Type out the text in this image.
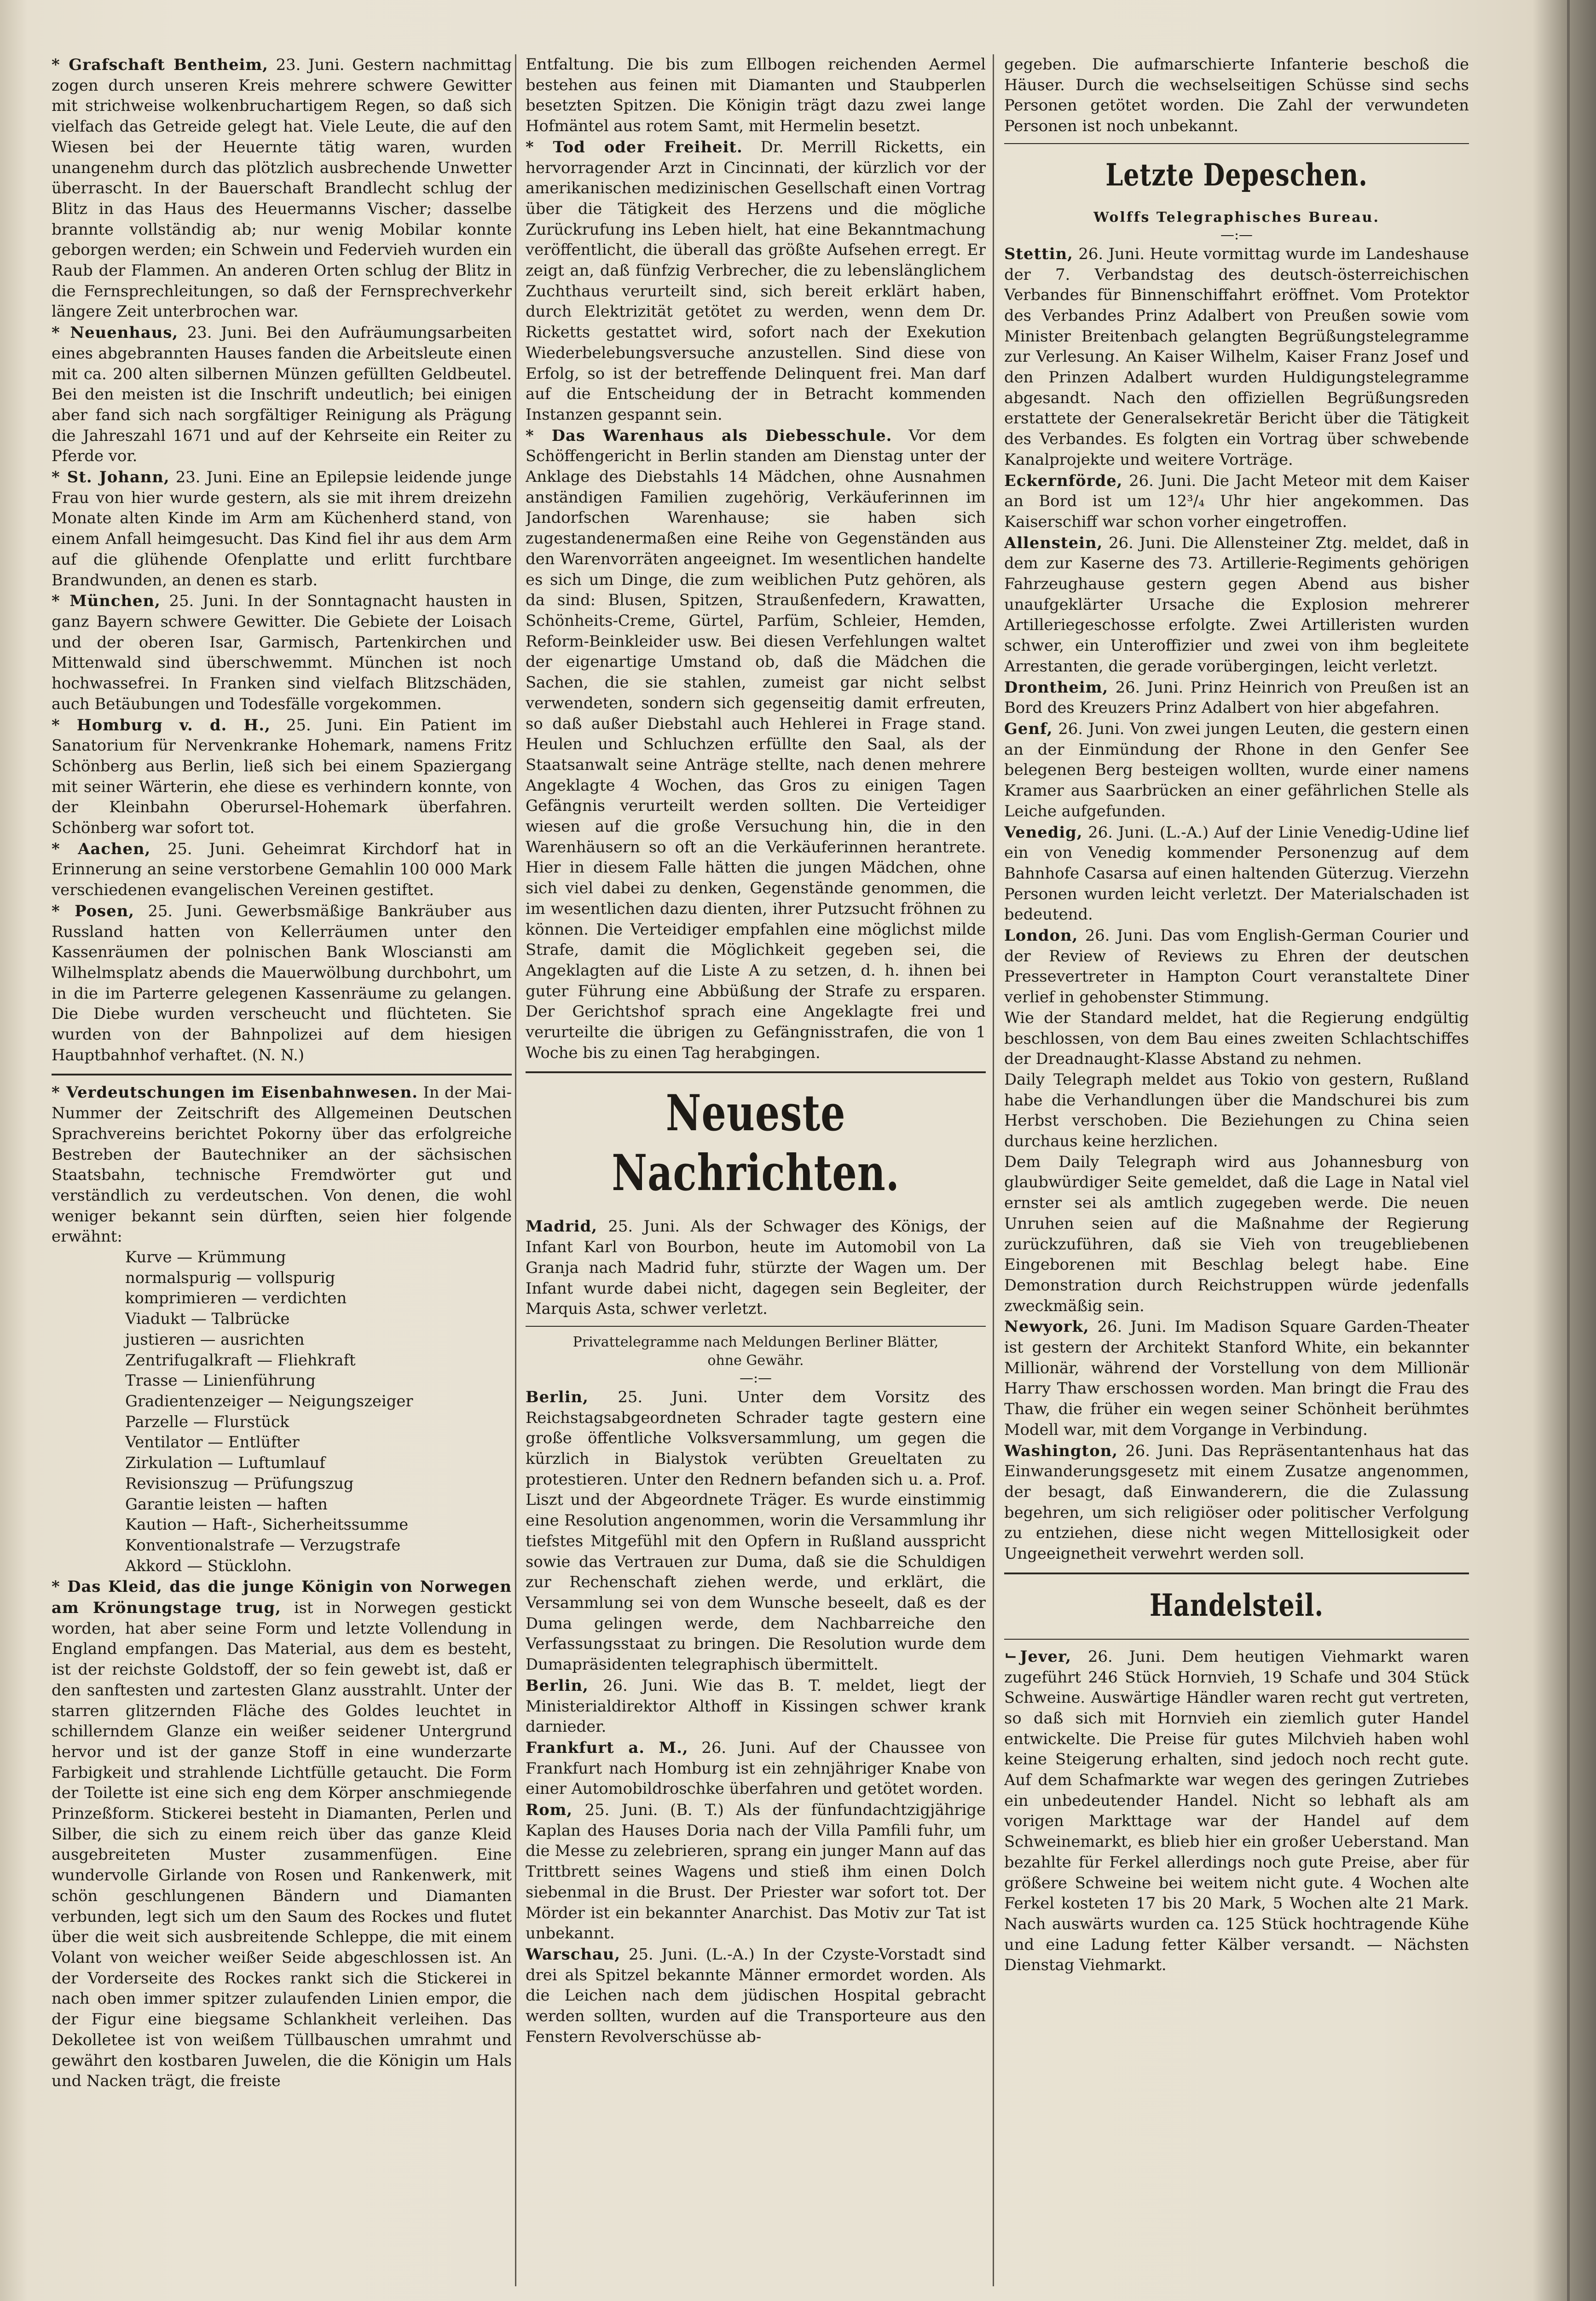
* Grafschaft Bentheim, 23. Juni. Gestern nachmittag zogen durch unseren Kreis mehrere schwere Gewitter mit strichweise wolkenbruchartigem Regen, so daß sich vielfach das Getreide gelegt hat. Viele Leute, die auf den Wiesen bei der Heuernte tätig waren, wurden unangenehm durch das plötzlich ausbrechende Unwetter überrascht. In der Bauerschaft Brandlecht schlug der Blitz in das Haus des Heuermanns Vischer; dasselbe brannte vollständig ab; nur wenig Mobilar konnte geborgen werden; ein Schwein und Federvieh wurden ein Raub der Flammen. An anderen Orten schlug der Blitz in die Fernsprechleitungen, so daß der Fernsprechverkehr längere Zeit unterbrochen war.

* Neuenhaus, 23. Juni. Bei den Aufräumungsarbeiten eines abgebrannten Hauses fanden die Arbeitsleute einen mit ca. 200 alten silbernen Münzen gefüllten Geldbeutel. Bei den meisten ist die Inschrift undeutlich; bei einigen aber fand sich nach sorgfältiger Reinigung als Prägung die Jahreszahl 1671 und auf der Kehrseite ein Reiter zu Pferde vor.

* St. Johann, 23. Juni. Eine an Epilepsie leidende junge Frau von hier wurde gestern, als sie mit ihrem dreizehn Monate alten Kinde im Arm am Küchenherd stand, von einem Anfall heimgesucht. Das Kind fiel ihr aus dem Arm auf die glühende Ofenplatte und erlitt furchtbare Brandwunden, an denen es starb.

* München, 25. Juni. In der Sonntagnacht hausten in ganz Bayern schwere Gewitter. Die Gebiete der Loisach und der oberen Isar, Garmisch, Partenkirchen und Mittenwald sind überschwemmt. München ist noch hochwassefrei. In Franken sind vielfach Blitzschäden, auch Betäubungen und Todesfälle vorgekommen.

* Homburg v. d. H., 25. Juni. Ein Patient im Sanatorium für Nervenkranke Hohemark, namens Fritz Schönberg aus Berlin, ließ sich bei einem Spaziergang mit seiner Wärterin, ehe diese es verhindern konnte, von der Kleinbahn Oberursel-Hohemark überfahren. Schönberg war sofort tot.

* Aachen, 25. Juni. Geheimrat Kirchdorf hat in Erinnerung an seine verstorbene Gemahlin 100 000 Mark verschiedenen evangelischen Vereinen gestiftet.

* Posen, 25. Juni. Gewerbsmäßige Bankräuber aus Russland hatten von Kellerräumen unter den Kassenräumen der polnischen Bank Wlosciansti am Wilhelmsplatz abends die Mauerwölbung durchbohrt, um in die im Parterre gelegenen Kassenräume zu gelangen. Die Diebe wurden verscheucht und flüchteten. Sie wurden von der Bahnpolizei auf dem hiesigen Hauptbahnhof verhaftet. (N. N.)

* Verdeutschungen im Eisenbahnwesen. In der Mai-Nummer der Zeitschrift des Allgemeinen Deutschen Sprachvereins berichtet Pokorny über das erfolgreiche Bestreben der Bautechniker an der sächsischen Staatsbahn, technische Fremdwörter gut und verständlich zu verdeutschen. Von denen, die wohl weniger bekannt sein dürften, seien hier folgende erwähnt:

Kurve — Krümmung
normalspurig — vollspurig
komprimieren — verdichten
Viadukt — Talbrücke
justieren — ausrichten
Zentrifugalkraft — Fliehkraft
Trasse — Linienführung
Gradientenzeiger — Neigungszeiger
Parzelle — Flurstück
Ventilator — Entlüfter
Zirkulation — Luftumlauf
Revisionszug — Prüfungszug
Garantie leisten — haften
Kaution — Haft-, Sicherheitssumme
Konventionalstrafe — Verzugstrafe
Akkord — Stücklohn.

* Das Kleid, das die junge Königin von Norwegen am Krönungstage trug, ist in Norwegen gestickt worden, hat aber seine Form und letzte Vollendung in England empfangen. Das Material, aus dem es besteht, ist der reichste Goldstoff, der so fein gewebt ist, daß er den sanftesten und zartesten Glanz ausstrahlt. Unter der starren glitzernden Fläche des Goldes leuchtet in schillerndem Glanze ein weißer seidener Untergrund hervor und ist der ganze Stoff in eine wunderzarte Farbigkeit und strahlende Lichtfülle getaucht. Die Form der Toilette ist eine sich eng dem Körper anschmiegende Prinzeßform. Stickerei besteht in Diamanten, Perlen und Silber, die sich zu einem reich über das ganze Kleid ausgebreiteten Muster zusammenfügen. Eine wundervolle Girlande von Rosen und Rankenwerk, mit schön geschlungenen Bändern und Diamanten verbunden, legt sich um den Saum des Rockes und flutet über die weit sich ausbreitende Schleppe, die mit einem Volant von weicher weißer Seide abgeschlossen ist. An der Vorderseite des Rockes rankt sich die Stickerei in nach oben immer spitzer zulaufenden Linien empor, die der Figur eine biegsame Schlankheit verleihen. Das Dekolletee ist von weißem Tüllbauschen umrahmt und gewährt den kostbaren Juwelen, die die Königin um Hals und Nacken trägt, die freiste

Entfaltung. Die bis zum Ellbogen reichenden Aermel bestehen aus feinen mit Diamanten und Staubperlen besetzten Spitzen. Die Königin trägt dazu zwei lange Hofmäntel aus rotem Samt, mit Hermelin besetzt.

* Tod oder Freiheit. Dr. Merrill Ricketts, ein hervorragender Arzt in Cincinnati, der kürzlich vor der amerikanischen medizinischen Gesellschaft einen Vortrag über die Tätigkeit des Herzens und die mögliche Zurückrufung ins Leben hielt, hat eine Bekanntmachung veröffentlicht, die überall das größte Aufsehen erregt. Er zeigt an, daß fünfzig Verbrecher, die zu lebenslänglichem Zuchthaus verurteilt sind, sich bereit erklärt haben, durch Elektrizität getötet zu werden, wenn dem Dr. Ricketts gestattet wird, sofort nach der Exekution Wiederbelebungsversuche anzustellen. Sind diese von Erfolg, so ist der betreffende Delinquent frei. Man darf auf die Entscheidung der in Betracht kommenden Instanzen gespannt sein.

* Das Warenhaus als Diebesschule. Vor dem Schöffengericht in Berlin standen am Dienstag unter der Anklage des Diebstahls 14 Mädchen, ohne Ausnahmen anständigen Familien zugehörig, Verkäuferinnen im Jandorfschen Warenhause; sie haben sich zugestandenermaßen eine Reihe von Gegenständen aus den Warenvorräten angeeignet. Im wesentlichen handelte es sich um Dinge, die zum weiblichen Putz gehören, als da sind: Blusen, Spitzen, Straußenfedern, Krawatten, Schönheits-Creme, Gürtel, Parfüm, Schleier, Hemden, Reform-Beinkleider usw. Bei diesen Verfehlungen waltet der eigenartige Umstand ob, daß die Mädchen die Sachen, die sie stahlen, zumeist gar nicht selbst verwendeten, sondern sich gegenseitig damit erfreuten, so daß außer Diebstahl auch Hehlerei in Frage stand. Heulen und Schluchzen erfüllte den Saal, als der Staatsanwalt seine Anträge stellte, nach denen mehrere Angeklagte 4 Wochen, das Gros zu einigen Tagen Gefängnis verurteilt werden sollten. Die Verteidiger wiesen auf die große Versuchung hin, die in den Warenhäusern so oft an die Verkäuferinnen herantrete. Hier in diesem Falle hätten die jungen Mädchen, ohne sich viel dabei zu denken, Gegenstände genommen, die im wesentlichen dazu dienten, ihrer Putzsucht fröhnen zu können. Die Verteidiger empfahlen eine möglichst milde Strafe, damit die Möglichkeit gegeben sei, die Angeklagten auf die Liste A zu setzen, d. h. ihnen bei guter Führung eine Abbüßung der Strafe zu ersparen. Der Gerichtshof sprach eine Angeklagte frei und verurteilte die übrigen zu Gefängnisstrafen, die von 1 Woche bis zu einen Tag herabgingen.

Neueste Nachrichten.

Madrid, 25. Juni. Als der Schwager des Königs, der Infant Karl von Bourbon, heute im Automobil von La Granja nach Madrid fuhr, stürzte der Wagen um. Der Infant wurde dabei nicht, dagegen sein Begleiter, der Marquis Asta, schwer verletzt.

Privattelegramme nach Meldungen Berliner Blätter,
ohne Gewähr.
—:—

Berlin, 25. Juni. Unter dem Vorsitz des Reichstagsabgeordneten Schrader tagte gestern eine große öffentliche Volksversammlung, um gegen die kürzlich in Bialystok verübten Greueltaten zu protestieren. Unter den Rednern befanden sich u. a. Prof. Liszt und der Abgeordnete Träger. Es wurde einstimmig eine Resolution angenommen, worin die Versammlung ihr tiefstes Mitgefühl mit den Opfern in Rußland ausspricht sowie das Vertrauen zur Duma, daß sie die Schuldigen zur Rechenschaft ziehen werde, und erklärt, die Versammlung sei von dem Wunsche beseelt, daß es der Duma gelingen werde, dem Nachbarreiche den Verfassungsstaat zu bringen. Die Resolution wurde dem Dumapräsidenten telegraphisch übermittelt.

Berlin, 26. Juni. Wie das B. T. meldet, liegt der Ministerialdirektor Althoff in Kissingen schwer krank darnieder.

Frankfurt a. M., 26. Juni. Auf der Chaussee von Frankfurt nach Homburg ist ein zehnjähriger Knabe von einer Automobildroschke überfahren und getötet worden.

Rom, 25. Juni. (B. T.) Als der fünfundachtzigjährige Kaplan des Hauses Doria nach der Villa Pamfili fuhr, um die Messe zu zelebrieren, sprang ein junger Mann auf das Trittbrett seines Wagens und stieß ihm einen Dolch siebenmal in die Brust. Der Priester war sofort tot. Der Mörder ist ein bekannter Anarchist. Das Motiv zur Tat ist unbekannt.

Warschau, 25. Juni. (L.-A.) In der Czyste-Vorstadt sind drei als Spitzel bekannte Männer ermordet worden. Als die Leichen nach dem jüdischen Hospital gebracht werden sollten, wurden auf die Transporteure aus den Fenstern Revolverschüsse ab-

gegeben. Die aufmarschierte Infanterie beschoß die Häuser. Durch die wechselseitigen Schüsse sind sechs Personen getötet worden. Die Zahl der verwundeten Personen ist noch unbekannt.

Letzte Depeschen.
Wolffs Telegraphisches Bureau.
—:—

Stettin, 26. Juni. Heute vormittag wurde im Landeshause der 7. Verbandstag des deutsch-österreichischen Verbandes für Binnenschiffahrt eröffnet. Vom Protektor des Verbandes Prinz Adalbert von Preußen sowie vom Minister Breitenbach gelangten Begrüßungstelegramme zur Verlesung. An Kaiser Wilhelm, Kaiser Franz Josef und den Prinzen Adalbert wurden Huldigungstelegramme abgesandt. Nach den offiziellen Begrüßungsreden erstattete der Generalsekretär Bericht über die Tätigkeit des Verbandes. Es folgten ein Vortrag über schwebende Kanalprojekte und weitere Vorträge.

Eckernförde, 26. Juni. Die Jacht Meteor mit dem Kaiser an Bord ist um 12³/₄ Uhr hier angekommen. Das Kaiserschiff war schon vorher eingetroffen.

Allenstein, 26. Juni. Die Allensteiner Ztg. meldet, daß in dem zur Kaserne des 73. Artillerie-Regiments gehörigen Fahrzeughause gestern gegen Abend aus bisher unaufgeklärter Ursache die Explosion mehrerer Artilleriegeschosse erfolgte. Zwei Artilleristen wurden schwer, ein Unteroffizier und zwei von ihm begleitete Arrestanten, die gerade vorübergingen, leicht verletzt.

Drontheim, 26. Juni. Prinz Heinrich von Preußen ist an Bord des Kreuzers Prinz Adalbert von hier abgefahren.

Genf, 26. Juni. Von zwei jungen Leuten, die gestern einen an der Einmündung der Rhone in den Genfer See belegenen Berg besteigen wollten, wurde einer namens Kramer aus Saarbrücken an einer gefährlichen Stelle als Leiche aufgefunden.

Venedig, 26. Juni. (L.-A.) Auf der Linie Venedig-Udine lief ein von Venedig kommender Personenzug auf dem Bahnhofe Casarsa auf einen haltenden Güterzug. Vierzehn Personen wurden leicht verletzt. Der Materialschaden ist bedeutend.

London, 26. Juni. Das vom English-German Courier und der Review of Reviews zu Ehren der deutschen Pressevertreter in Hampton Court veranstaltete Diner verlief in gehobenster Stimmung.

Wie der Standard meldet, hat die Regierung endgültig beschlossen, von dem Bau eines zweiten Schlachtschiffes der Dreadnaught-Klasse Abstand zu nehmen.

Daily Telegraph meldet aus Tokio von gestern, Rußland habe die Verhandlungen über die Mandschurei bis zum Herbst verschoben. Die Beziehungen zu China seien durchaus keine herzlichen.

Dem Daily Telegraph wird aus Johannesburg von glaubwürdiger Seite gemeldet, daß die Lage in Natal viel ernster sei als amtlich zugegeben werde. Die neuen Unruhen seien auf die Maßnahme der Regierung zurückzuführen, daß sie Vieh von treugebliebenen Eingeborenen mit Beschlag belegt habe. Eine Demonstration durch Reichstruppen würde jedenfalls zweckmäßig sein.

Newyork, 26. Juni. Im Madison Square Garden-Theater ist gestern der Architekt Stanford White, ein bekannter Millionär, während der Vorstellung von dem Millionär Harry Thaw erschossen worden. Man bringt die Frau des Thaw, die früher ein wegen seiner Schönheit berühmtes Modell war, mit dem Vorgange in Verbindung.

Washington, 26. Juni. Das Repräsentantenhaus hat das Einwanderungsgesetz mit einem Zusatze angenommen, der besagt, daß Einwanderern, die die Zulassung begehren, um sich religiöser oder politischer Verfolgung zu entziehen, diese nicht wegen Mittellosigkeit oder Ungeeignetheit verwehrt werden soll.

Handelsteil.

⌐ Jever, 26. Juni. Dem heutigen Viehmarkt waren zugeführt 246 Stück Hornvieh, 19 Schafe und 304 Stück Schweine. Auswärtige Händler waren recht gut vertreten, so daß sich mit Hornvieh ein ziemlich guter Handel entwickelte. Die Preise für gutes Milchvieh haben wohl keine Steigerung erhalten, sind jedoch noch recht gute. Auf dem Schafmarkte war wegen des geringen Zutriebes ein unbedeutender Handel. Nicht so lebhaft als am vorigen Markttage war der Handel auf dem Schweinemarkt, es blieb hier ein großer Ueberstand. Man bezahlte für Ferkel allerdings noch gute Preise, aber für größere Schweine bei weitem nicht gute. 4 Wochen alte Ferkel kosteten 17 bis 20 Mark, 5 Wochen alte 21 Mark. Nach auswärts wurden ca. 125 Stück hochtragende Kühe und eine Ladung fetter Kälber versandt. — Nächsten Dienstag Viehmarkt.
